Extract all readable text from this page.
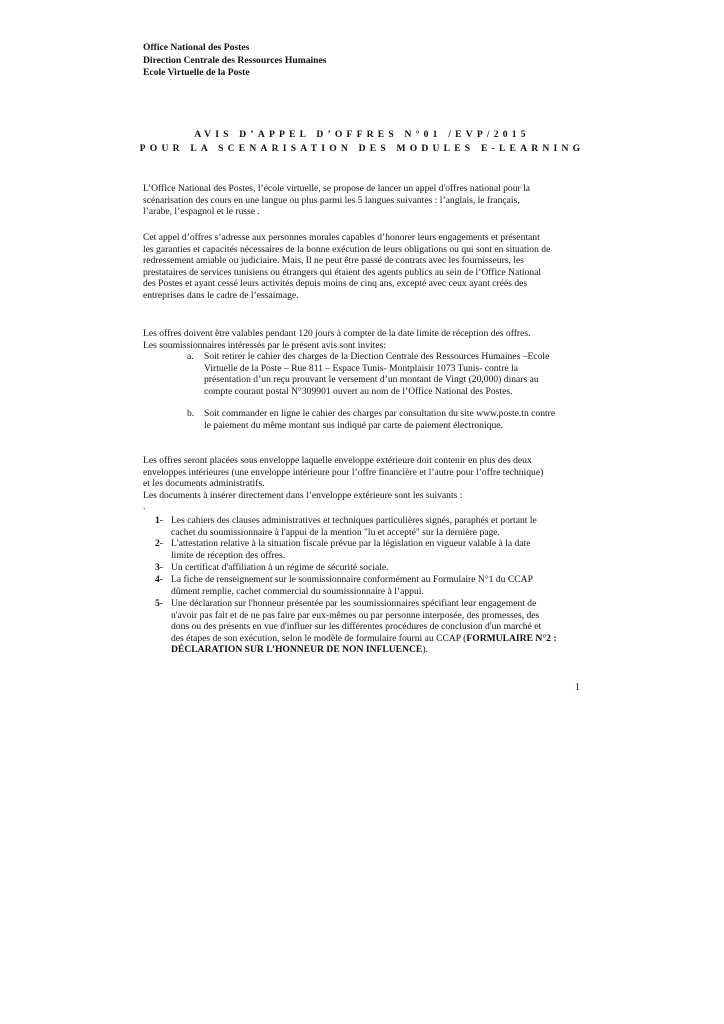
Office National des Postes
Direction Centrale des Ressources Humaines
Ecole Virtuelle de la Poste
AVIS D’APPEL D’OFFRES N°01 /EVP/2015
POUR LA SCENARISATION DES MODULES E-LEARNING
L’Office National des Postes, l’école virtuelle, se propose de lancer un appel d'offres national pour la
scénarisation des cours en une langue ou plus parmi les 5 langues suivantes : l’anglais, le français,
l’arabe, l’espagnol et le russe .
Cet appel d’offres s’adresse aux personnes morales capables d’honorer leurs engagements et présentant
les garanties et capacités nécessaires de la bonne exécution de leurs obligations ou qui sont en situation de
redressement amiable ou judiciaire. Mais, Il ne peut être passé de contrats avec les fournisseurs, les
prestataires de services tunisiens ou étrangers qui étaient des agents publics au sein de l’Office National
des Postes et ayant cessé leurs activités depuis moins de cinq ans, excepté avec ceux ayant créés des
entreprises dans le cadre de l’essaimage.
Les offres doivent être valables pendant 120 jours à compter de la date limite de réception des offres.
Les soumissionnaires intéressés par le présent avis sont invites:
a. Soit retirer le cahier des charges de la Diection Centrale des Ressources Humaines –Ecole
Virtuelle de la Poste – Rue 811 – Espace Tunis- Montplaisir 1073 Tunis- contre la
présentation d’un reçu prouvant le versement d’un montant de Vingt (20,000) dinars au
compte courant postal N°309901 ouvert au nom de l’Office National des Postes.
b. Soit commander en ligne le cahier des charges par consultation du site www.poste.tn contre
le paiement du même montant sus indiqué par carte de paiement électronique.
Les offres seront placées sous enveloppe laquelle enveloppe extérieure doit contenir en plus des deux
enveloppes intérieures (une enveloppe intérieure pour l’offre financière et l’autre pour l’offre technique)
et les documents administratifs.
Les documents à insérer directement dans l’enveloppe extérieure sont les suivants :
.
1- Les cahiers des clauses administratives et techniques particulières signés, paraphés et portant le
cachet du soumissionnaire à l'appui de la mention "lu et accepté" sur la dernière page.
2- L'attestation relative à la situation fiscale prévue par la législation en vigueur valable à la date
limite de réception des offres.
3- Un certificat d'affiliation à un régime de sécurité sociale.
4- La fiche de renseignement sur le soumissionnaire conformément au Formulaire N°1 du CCAP
dûment remplie, cachet commercial du soumissionnaire à l’appui.
5- Une déclaration sur l'honneur présentée par les soumissionnaires spécifiant leur engagement de
n'avoir pas fait et de ne pas faire par eux-mêmes ou par personne interposée, des promesses, des
dons ou des présents en vue d'influer sur les différentes procédures de conclusion d'un marché et
des étapes de son exécution, selon le modèle de formulaire fourni au CCAP (FORMULAIRE N°2 :
DÉCLARATION SUR L’HONNEUR DE NON INFLUENCE).
1
